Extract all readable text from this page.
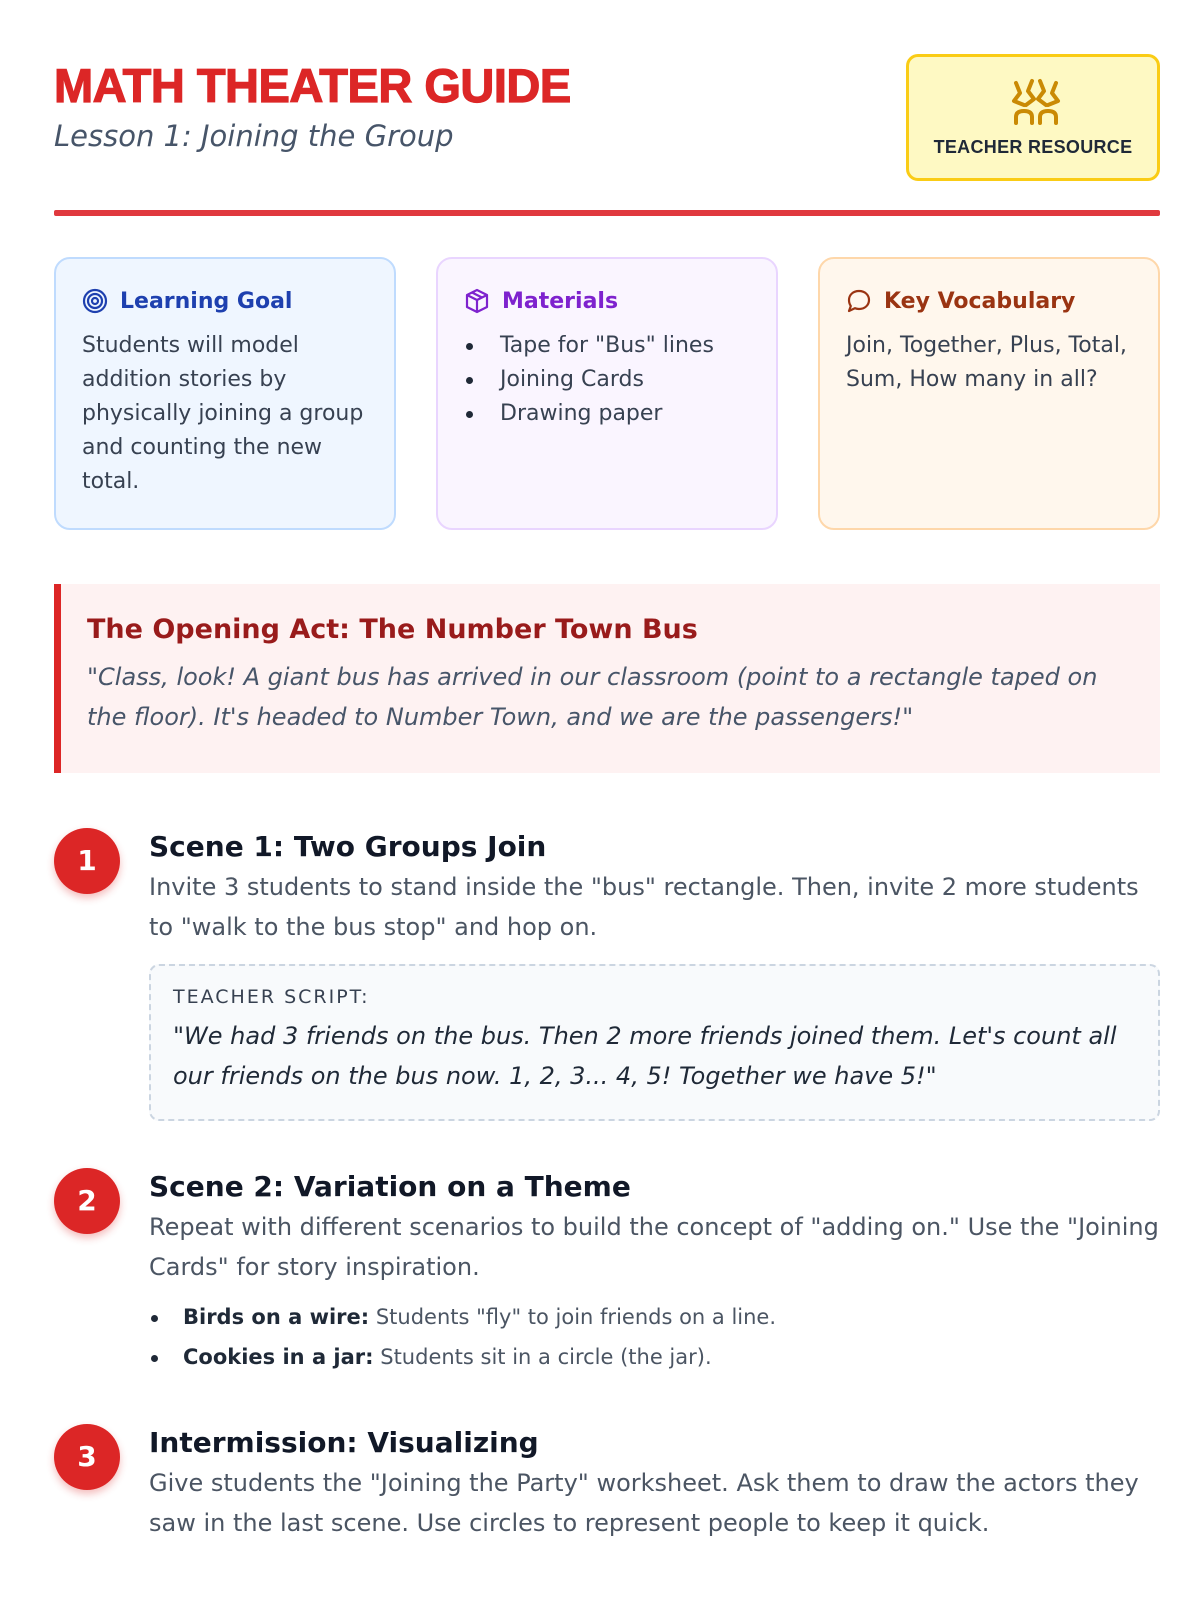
MATH THEATER GUIDE
Lesson 1: Joining the Group	TEACHER RESOURCE
Learning Goal
Students will model addition stories by physically joining a group and counting the new total.
Materials
Tape for "Bus" lines
Joining Cards
Drawing paper
Key Vocabulary
Join, Together, Plus, Total, Sum, How many in all?
The Opening Act: The Number Town Bus
"Class, look! A giant bus has arrived in our classroom (point to a rectangle taped on the floor). It's headed to Number Town, and we are the passengers!"
1	Scene 1: Two Groups Join
Invite 3 students to stand inside the "bus" rectangle. Then, invite 2 more students to "walk to the bus stop" and hop on.
TEACHER SCRIPT:
"We had 3 friends on the bus. Then 2 more friends joined them. Let's count all our friends on the bus now. 1, 2, 3... 4, 5! Together we have 5!"
2	Scene 2: Variation on a Theme
Repeat with different scenarios to build the concept of "adding on." Use the "Joining Cards" for story inspiration.
Birds on a wire: Students "fly" to join friends on a line.
Cookies in a jar: Students sit in a circle (the jar).
3	Intermission: Visualizing
Give students the "Joining the Party" worksheet. Ask them to draw the actors they saw in the last scene. Use circles to represent people to keep it quick.
